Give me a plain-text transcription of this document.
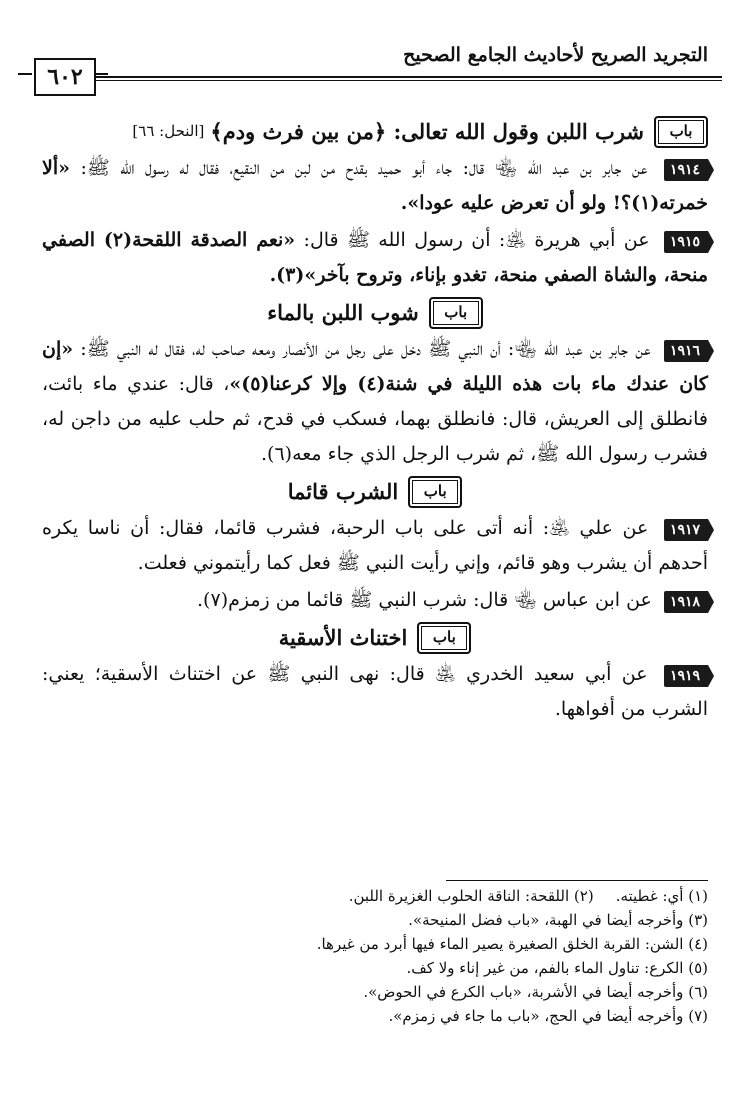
التجريد الصريح لأحاديث الجامع الصحيح
٦٠٢
باب
شرب اللبن وقول الله تعالى: ﴿من بين فرث ودم﴾
[النحل: ٦٦]

١٩١٤ عن جابر بن عبد الله ﵄ قال: جاء أبو حميد بقدح من لبن من النقيع، فقال له رسول الله ﷺ: «ألا خمرته(١)؟! ولو أن تعرض عليه عودا».

١٩١٥ عن أبي هريرة ﵁: أن رسول الله ﷺ قال: «نعم الصدقة اللقحة(٢) الصفي منحة، والشاة الصفي منحة، تغدو بإناء، وتروح بآخر»(٣).

باب
شوب اللبن بالماء

١٩١٦ عن جابر بن عبد الله ﵄: أن النبي ﷺ دخل على رجل من الأنصار ومعه صاحب له، فقال له النبي ﷺ: «إن كان عندك ماء بات هذه الليلة في شنة(٤) وإلا كرعنا(٥)»، قال: عندي ماء بائت، فانطلق إلى العريش، قال: فانطلق بهما، فسكب في قدح، ثم حلب عليه من داجن له، فشرب رسول الله ﷺ، ثم شرب الرجل الذي جاء معه(٦).

باب
الشرب قائما

١٩١٧ عن علي ﵁: أنه أتى على باب الرحبة، فشرب قائما، فقال: أن ناسا يكره أحدهم أن يشرب وهو قائم، وإني رأيت النبي ﷺ فعل كما رأيتموني فعلت.

١٩١٨ عن ابن عباس ﵄ قال: شرب النبي ﷺ قائما من زمزم(٧).

باب
اختناث الأسقية

١٩١٩ عن أبي سعيد الخدري ﵁ قال: نهى النبي ﷺ عن اختناث الأسقية؛ يعني: الشرب من أفواهها.

(١) أي: غطيته.
(٢) اللقحة: الناقة الحلوب الغزيرة اللبن.
(٣) وأخرجه أيضا في الهبة، «باب فضل المنيحة».
(٤) الشن: القربة الخلق الصغيرة يصير الماء فيها أبرد من غيرها.
(٥) الكرع: تناول الماء بالفم، من غير إناء ولا كف.
(٦) وأخرجه أيضا في الأشربة، «باب الكرع في الحوض».
(٧) وأخرجه أيضا في الحج، «باب ما جاء في زمزم».
